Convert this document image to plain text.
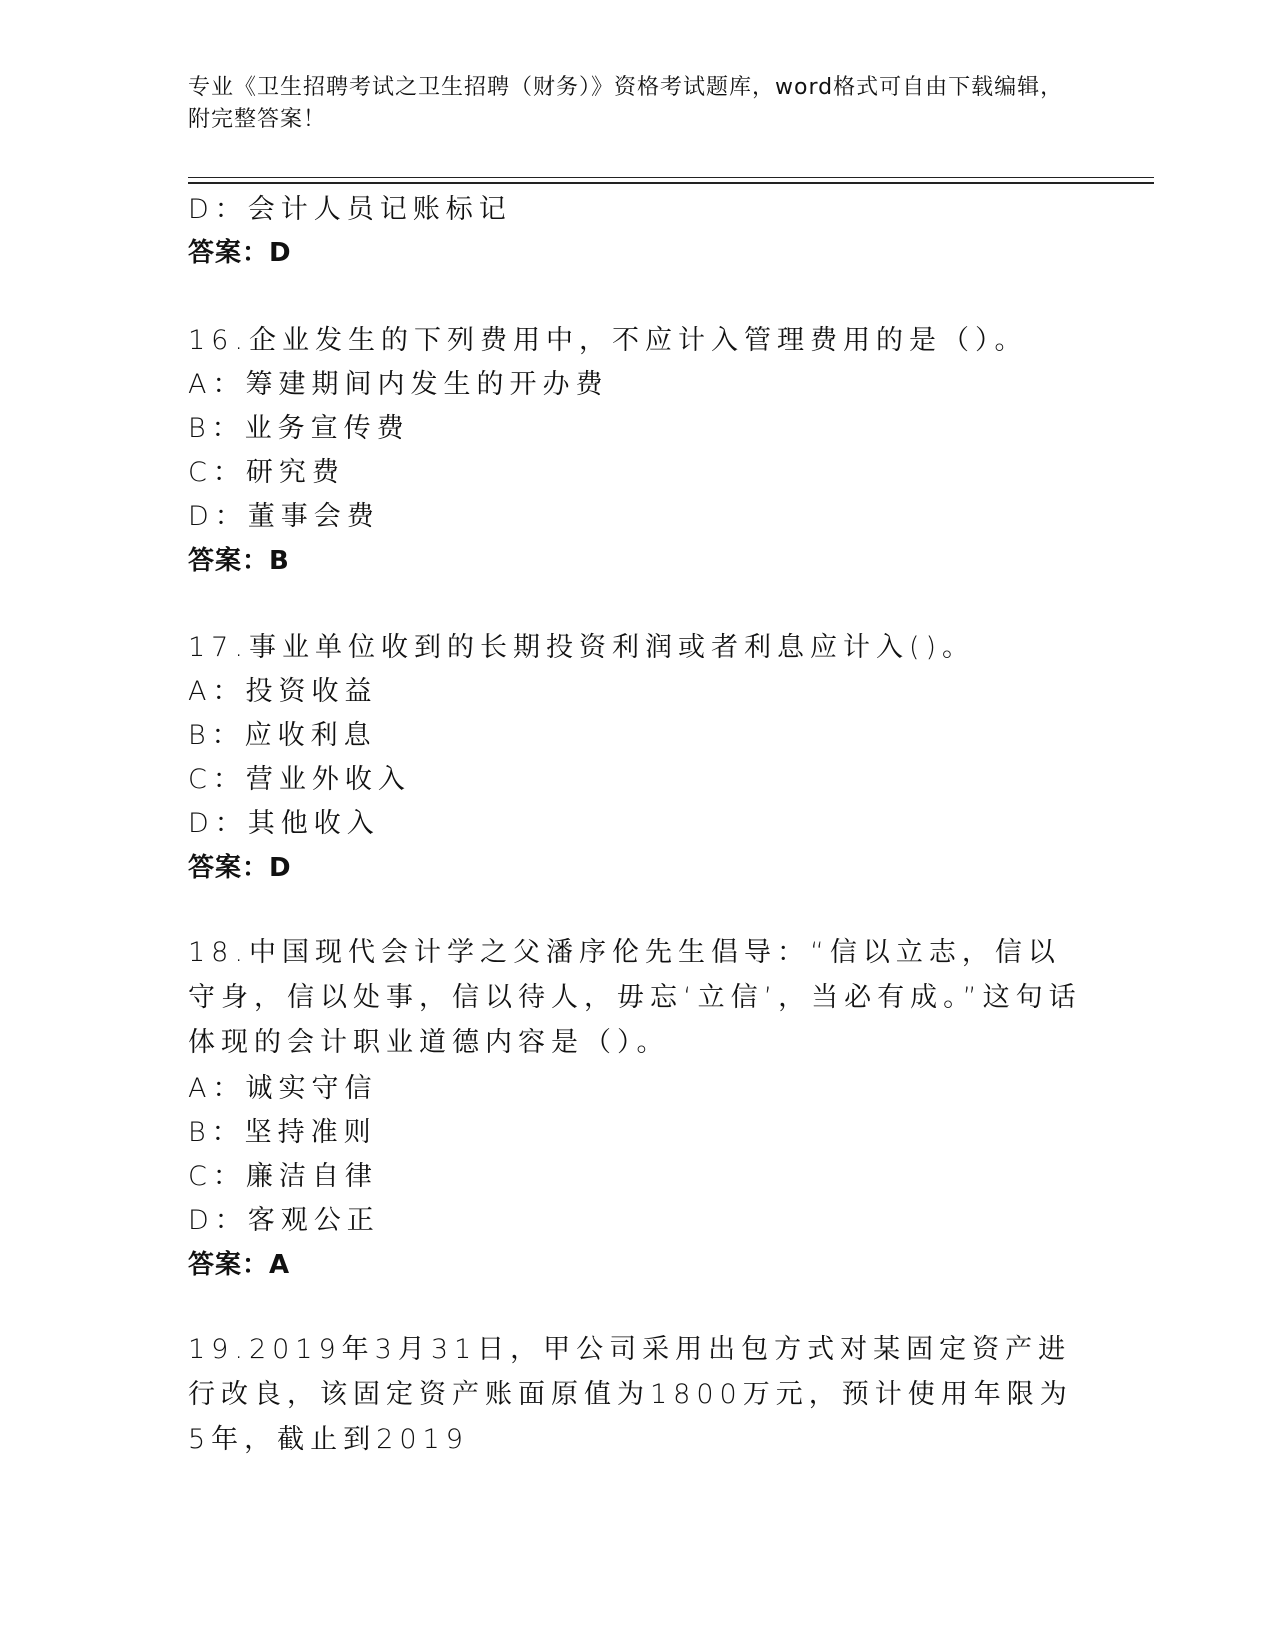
专业《卫生招聘考试之卫生招聘（财务）》资格考试题库，word格式可自由下载编辑，附完整答案！
D：会计人员记账标记
答案：D
16.企业发生的下列费用中，不应计入管理费用的是（）。
A：筹建期间内发生的开办费
B：业务宣传费
C：研究费
D：董事会费
答案：B
17.事业单位收到的长期投资利润或者利息应计入()。
A：投资收益
B：应收利息
C：营业外收入
D：其他收入
答案：D
18.中国现代会计学之父潘序伦先生倡导：“信以立志，信以守身，信以处事，信以待人，毋忘‘立信’，当必有成。”这句话体现的会计职业道德内容是（）。
A：诚实守信
B：坚持准则
C：廉洁自律
D：客观公正
答案：A
19.2019年3月31日，甲公司采用出包方式对某固定资产进行改良，该固定资产账面原值为1800万元，预计使用年限为5年，截止到2019
